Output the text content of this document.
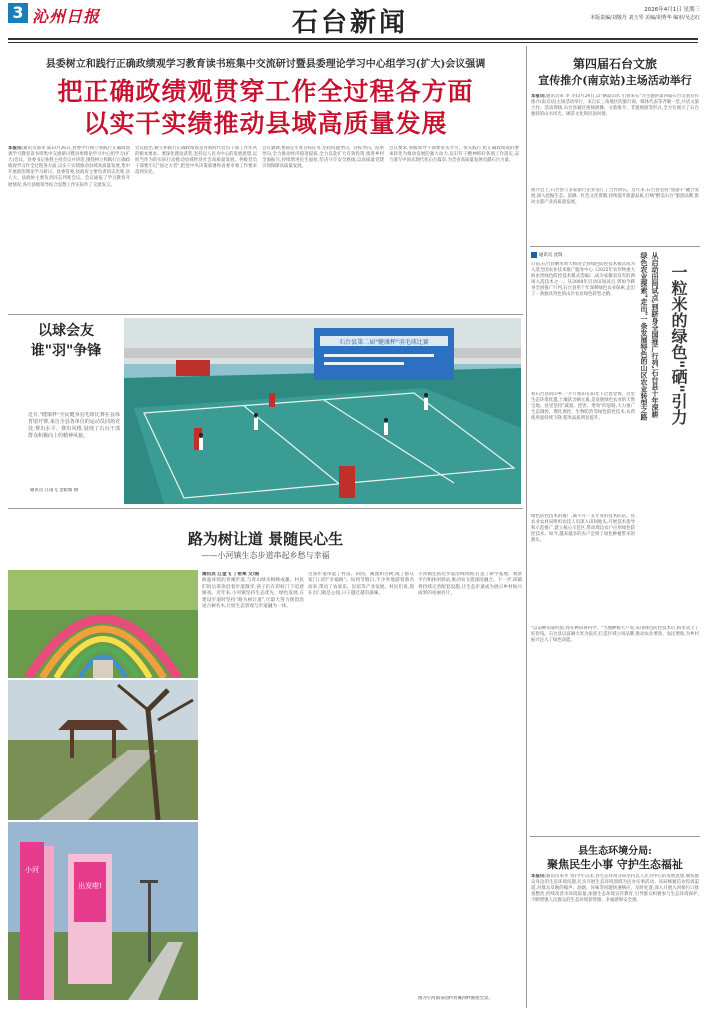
3 沁州日报	石台新闻	2026年4月1日 星期三
本版责编/刘敬丹 刘玉琴 美编/胡秀华 编审/吴志红
县委树立和践行正确政绩观学习教育读书班集中交流研讨暨县委理论学习中心组学习(扩大)会议强调
把正确政绩观贯穿工作全过程各方面
以实干实绩推动县域高质量发展
本报讯(通讯员邵冬 陈)3月26日,县委学行树立和践行正确政绩观学习教育读书班集中交流研讨暨县委理论学习中心组学习(扩大)会议。县委书记孙胜主持会议并讲话,围绕树立和践行正确政绩观学习作全过程各方面,以实干实绩推动县域高质量发展,集中开展政治理论学习研讨。县委常委,县政府主要负责同志出席,县人大、县政协主要负责同志列席会议。会议通报了学习教育开展情况,各位县级领导结合思想工作实际作了交流发言。
会议指出,树立和践行正确政绩观是对新时代党员干部工作作风的根本要求。要深化理论武装,坚持以人民为中心的发展思想,以担当作为的实际行动推动县域经济社会高质量发展。各级党员干部要牢记"国之大者",把党中央决策部署和省委市委工作要求落到实处。
会议强调,要锚定年度目标任务,坚持问题导向、目标导向、结果导向,全力推动经济稳进提质,全力以赴扩大有效投资,推进乡村全面振兴,持续增进民生福祉,坚决守牢安全底线,以高质量党建引领保障高质量发展。
会议要求,各级领导干部要带头学习、带头践行,把正确政绩观的要求转化为推动发展的强大动力,以钉钉子精神抓好各项工作落实,奋力谱写中国式现代化石台篇章,为全省高质量发展贡献石台力量。
以球会友
谁"羽"争锋
近日,"健康杯"全民健身羽毛球比赛在县体育馆开赛,来自全县各单位的运动员同场竞技,赛出水平、赛出风格,展现了石台干部群众积极向上的精神风貌。
通讯员 江雨飞 金紫薇 摄
石台县第二届"健康杯"羽毛球比赛
路为树让道 景随民心生
——小河镇生态步道串起乡愁与幸福
出发啦!
小河
通讯员 江金飞 丁希果 文/图
曲迤环绕的青溪步道,与青山绿水相映成趣。村民们饭后茶余沿着步道散步,孩子们在彩虹门下追逐嬉戏。近年来,小河镇坚持生态优先、绿色发展,在建设步道时坚持"路为树让道",尽最大努力保留沿途古树名木,让原生态景观与步道融为一体。
这条步道串起了村落、田园、溪流和古树,成了群众家门口的"幸福路"。每到节假日,不少外地游客慕名而来,带动了农家乐、民宿等产业发展。村民们说,现在出门就是公园,日子越过越有滋味。
小河镇还依托步道沿线资源,打造了研学基地、观景平台和休闲驿站,推动农文旅深度融合。下一步,该镇将持续完善配套设施,让生态步道成为展示乡村振兴成果的亮丽名片。
图为小河镇茶园村青溪河畔俯拍全景。
第四届石台文旅
宣传推介(南京站)主场活动举行
本报讯(通讯员朱 李 李)3月24日,以"硒品山水 引客来石"为主题的第四届石台文旅宣传推介(南京站)主场活动举行。来自长三角地区的旅行商、媒体代表等齐聚一堂,共话文旅合作。活动现场,石台县通过视频展播、文旅推介、非遗展演等形式,全方位展示了石台独特的山水风光、硒茶文化和民俗风情。
推介会上,石台县与多家旅行企业签订了合作协议。近年来,石台县坚持"旅游+"融合发展,深入挖掘生态、富硒、红色文化资源,持续提升旅游品质,打响"醉美石台"旅游品牌,推动文旅产业高质量发展。
通讯员 沈瑞
日前,石台县晒米黄大师由全县绿色防控技术模式成为入选全国农业技术推广服务中心《2025年农作物重大病虫害绿色防控技术模式选编》,成为安徽省仅有的两项入选技术之一。从2008年启动田间试点,到如今跻身全国推广行列,石台县用十年深耕绿色农业探索,走出了一条独具特色的山区农业绿色转型之路。
看石台县的山乡,一片片稻田在阳光下泛着金黄。这里生态环境优越,土壤富含硒元素,是发展绿色农业的天然宝地。县里坚持"减量、控害、增效"的思路,大力推广生态调控、理化诱控、生物防治等绿色防控技术,农药使用量持续下降,稻米品质明显提升。
绿色防控技术的推广,离不开一支专业的技术队伍。县农业农村局组织农技人员深入田间地头,开展技术指导和示范推广,建立核心示范区,带动周边农户应用绿色防控技术。如今,越来越多的农户尝到了绿色种植带来的甜头。
绿色农业探索"走出"一条发展特色的山区农业转型之路 从启动田间试点,到跻身全国推广行列,石台县十年深耕 一粒米的绿色"硒"引力
"以前种田靠经验,现在种田讲科学。"当地种粮大户说,采用绿色防控技术后,稻米卖上了好价钱。石台县以富硒大米为依托,打造区域公用品牌,推动农业增效、农民增收,为乡村振兴注入了绿色动能。
县生态环境分局:
聚焦民生小事 守护生态福祉
本报讯(通讯员朱李 余)今年以来,县生态环境分局坚持以人民为中心的发展思想,聚焦群众身边的生态环境问题,扎实开展生态环境领域为民办实事活动。该局畅通信访投诉渠道,对群众反映的噪声、油烟、异味等问题快速响应、及时处置;深入开展入河排污口排查整治,持续改善水环境质量;加强生态环境宣传教育,引导群众积极参与生态环境保护,不断增强人民群众的生态环境获得感、幸福感和安全感。
